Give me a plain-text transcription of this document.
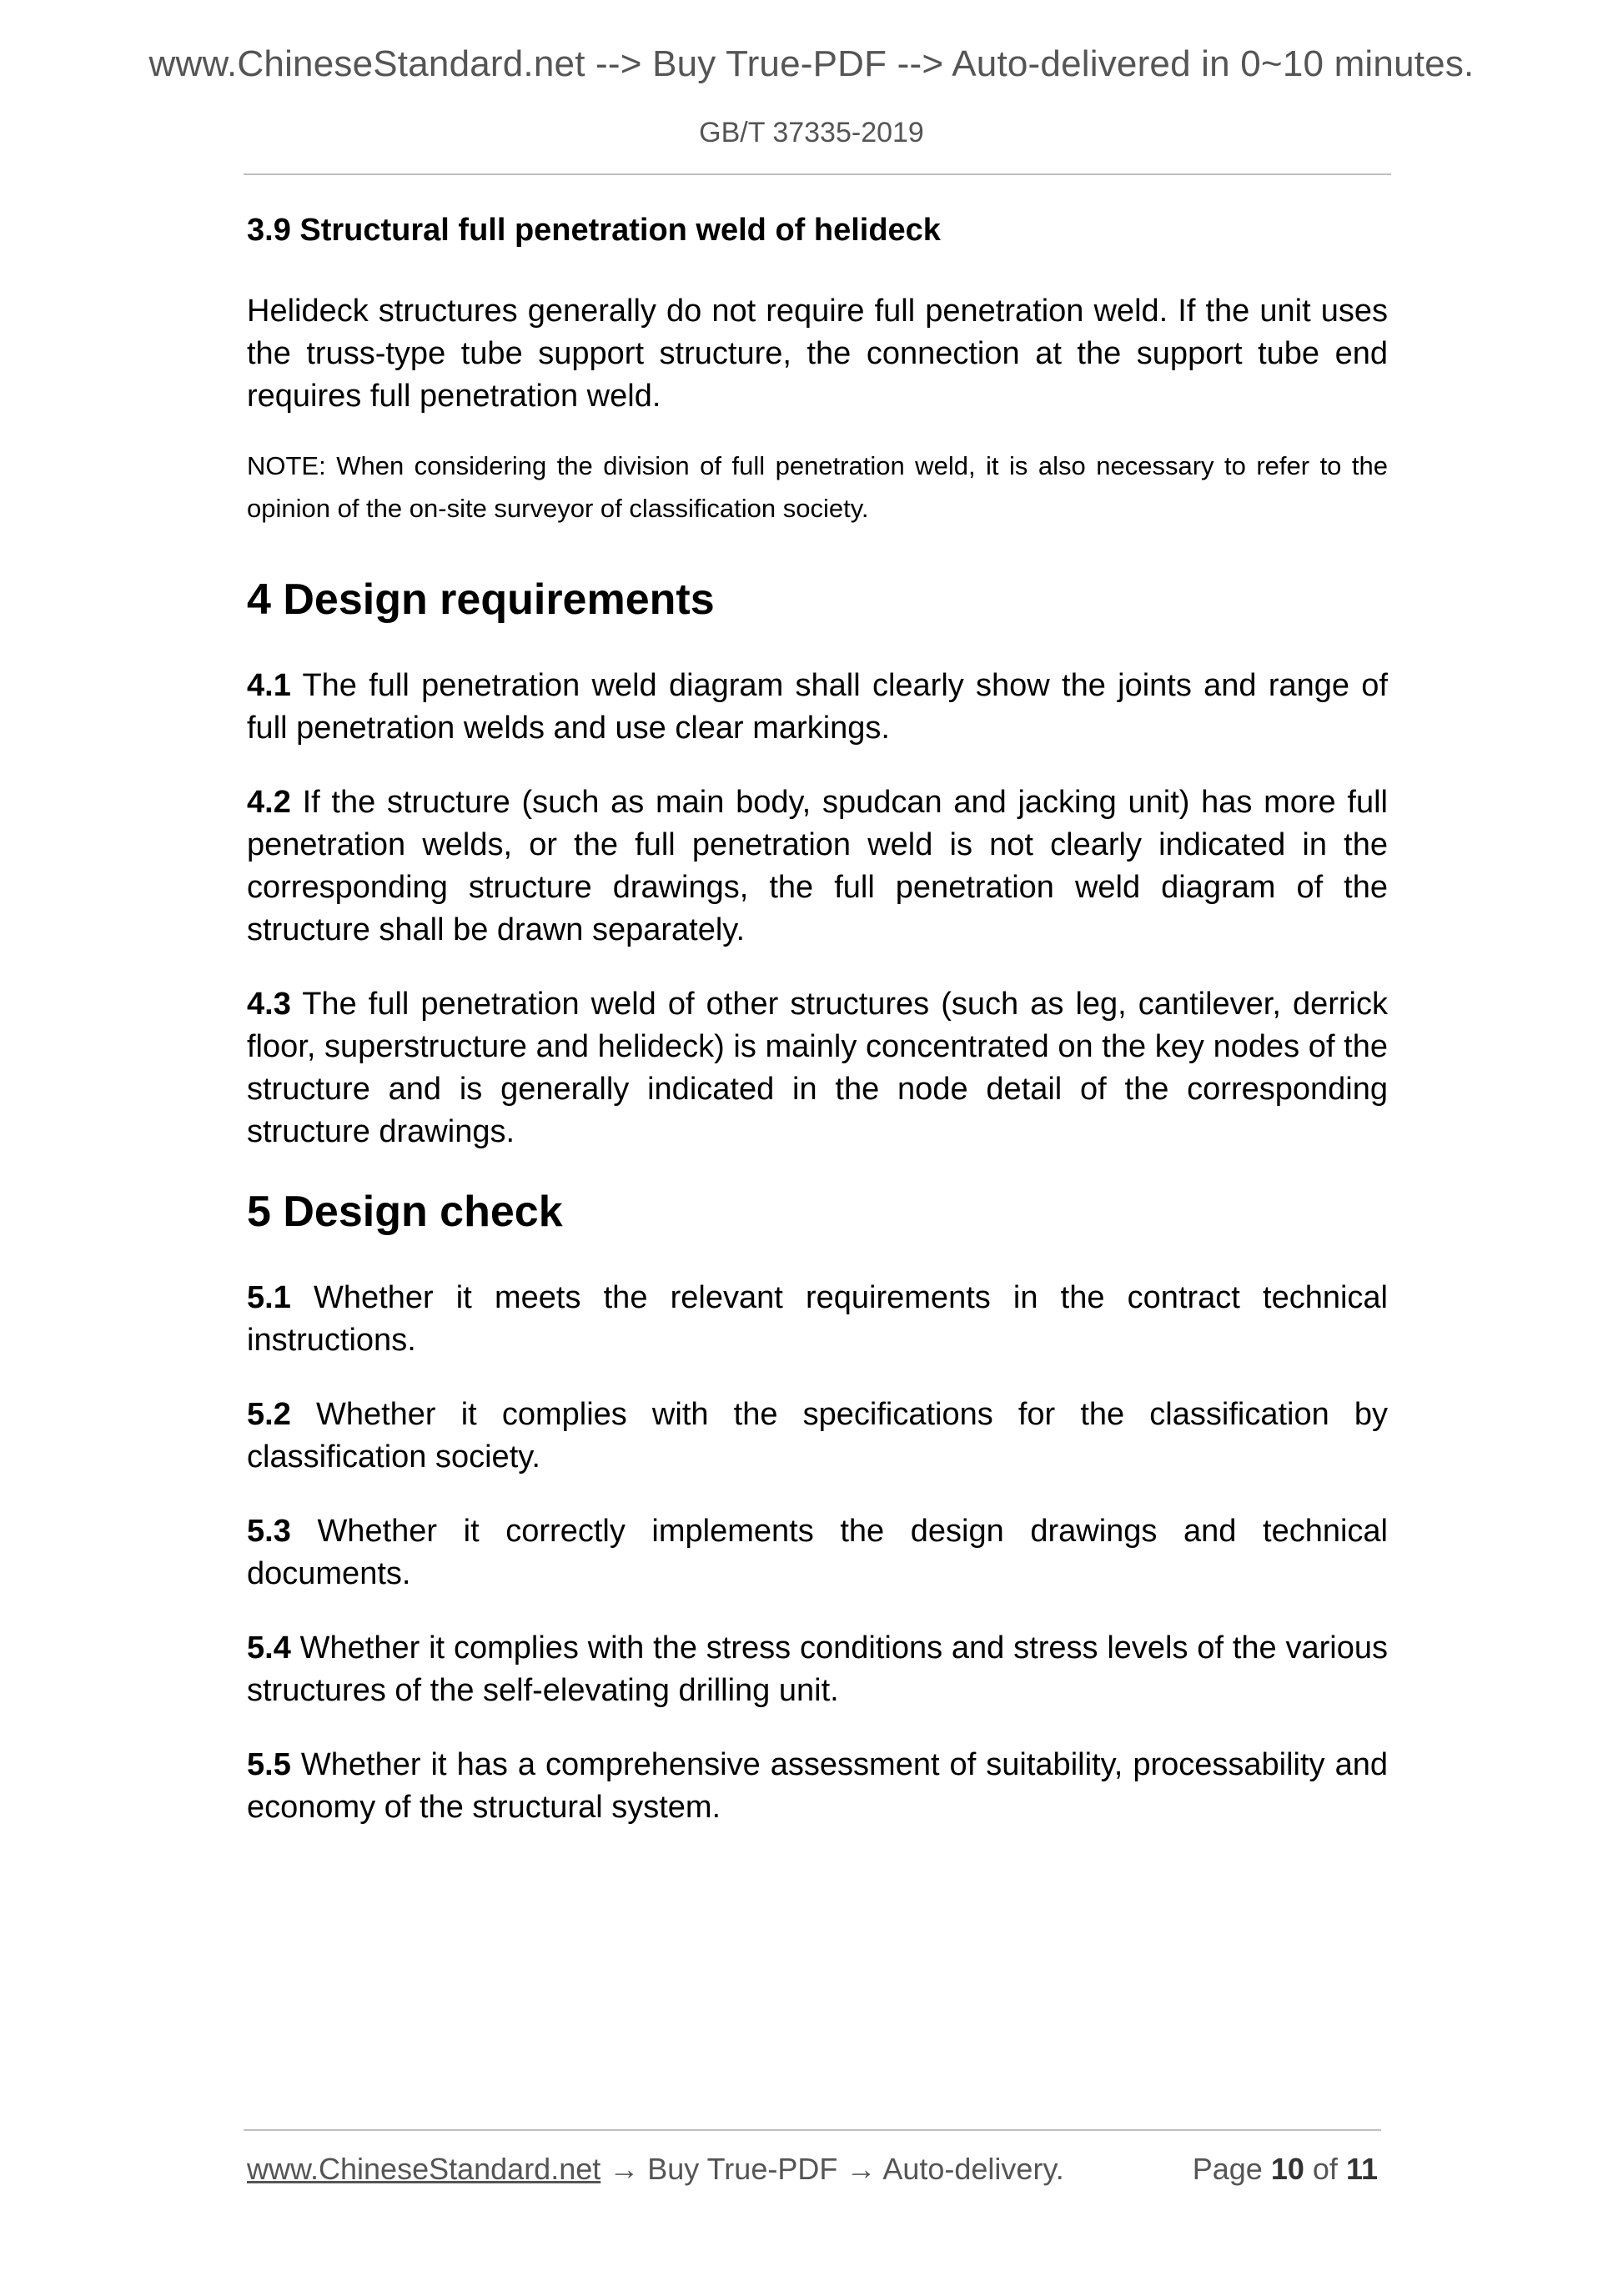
www.ChineseStandard.net --> Buy True-PDF --> Auto-delivered in 0~10 minutes.
GB/T 37335-2019
3.9 Structural full penetration weld of helideck

Helideck structures generally do not require full penetration weld. If the unit uses the truss-type tube support structure, the connection at the support tube end requires full penetration weld.

NOTE: When considering the division of full penetration weld, it is also necessary to refer to the opinion of the on-site surveyor of classification society.

4 Design requirements

4.1 The full penetration weld diagram shall clearly show the joints and range of full penetration welds and use clear markings.

4.2 If the structure (such as main body, spudcan and jacking unit) has more full penetration welds, or the full penetration weld is not clearly indicated in the corresponding structure drawings, the full penetration weld diagram of the structure shall be drawn separately.

4.3 The full penetration weld of other structures (such as leg, cantilever, derrick floor, superstructure and helideck) is mainly concentrated on the key nodes of the structure and is generally indicated in the node detail of the corresponding structure drawings.

5 Design check

5.1 Whether it meets the relevant requirements in the contract technical instructions.

5.2 Whether it complies with the specifications for the classification by classification society.

5.3 Whether it correctly implements the design drawings and technical documents.

5.4 Whether it complies with the stress conditions and stress levels of the various structures of the self-elevating drilling unit.

5.5 Whether it has a comprehensive assessment of suitability, processability and economy of the structural system.

www.ChineseStandard.net → Buy True-PDF → Auto-delivery.	Page 10 of 11
